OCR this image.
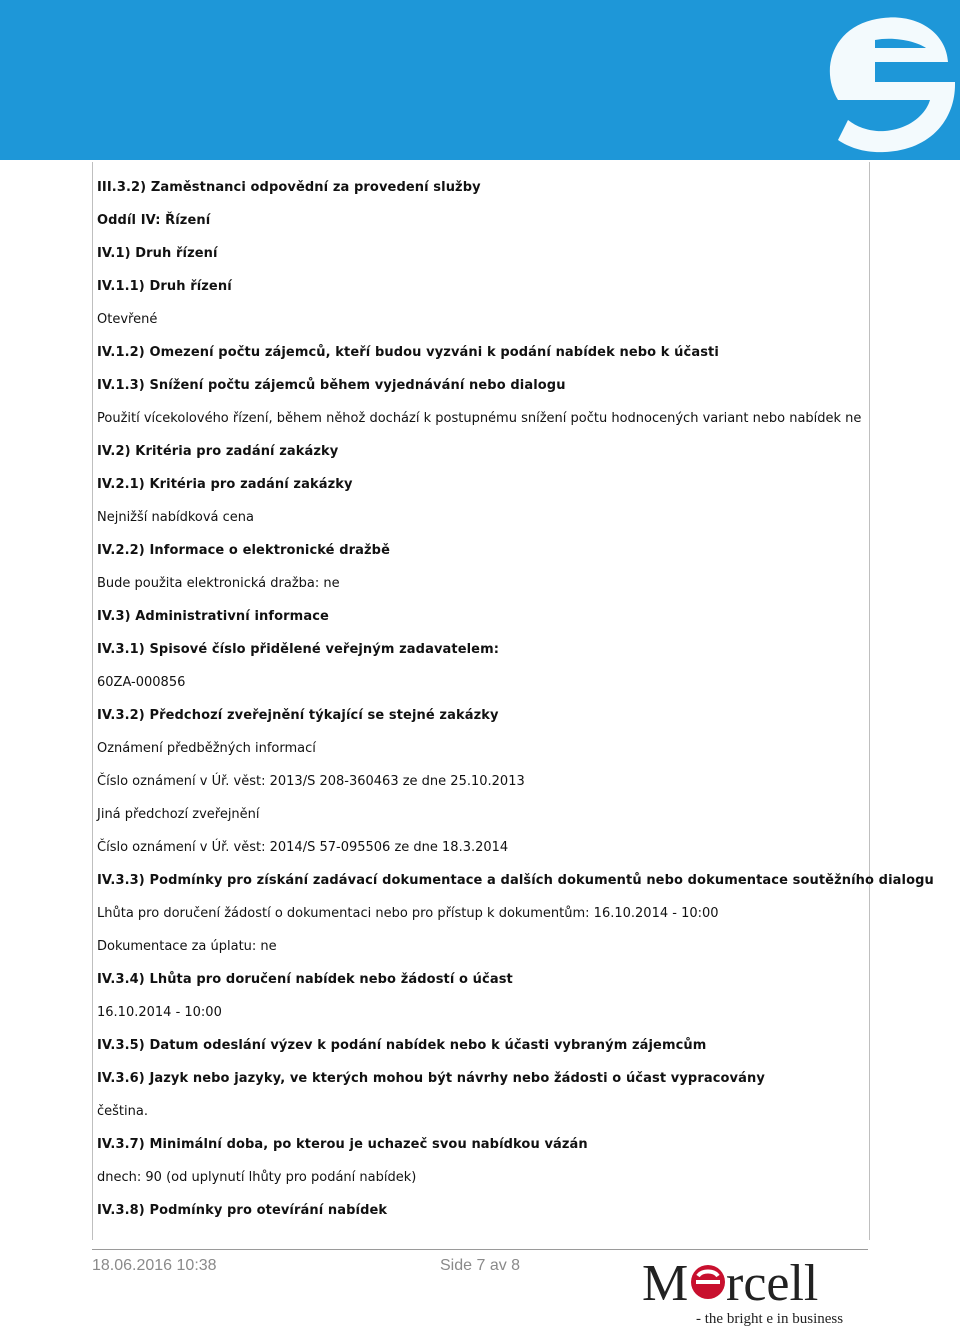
III.3.2) Zaměstnanci odpovědní za provedení služby
Oddíl IV: Řízení
IV.1) Druh řízení
IV.1.1) Druh řízení
Otevřené
IV.1.2) Omezení počtu zájemců, kteří budou vyzváni k podání nabídek nebo k účasti
IV.1.3) Snížení počtu zájemců během vyjednávání nebo dialogu
Použití vícekolového řízení, během něhož dochází k postupnému snížení počtu hodnocených variant nebo nabídek ne
IV.2) Kritéria pro zadání zakázky
IV.2.1) Kritéria pro zadání zakázky
Nejnižší nabídková cena
IV.2.2) Informace o elektronické dražbě
Bude použita elektronická dražba: ne
IV.3) Administrativní informace
IV.3.1) Spisové číslo přidělené veřejným zadavatelem:
60ZA-000856
IV.3.2) Předchozí zveřejnění týkající se stejné zakázky
Oznámení předběžných informací
Číslo oznámení v Úř. věst: 2013/S 208-360463 ze dne 25.10.2013
Jiná předchozí zveřejnění
Číslo oznámení v Úř. věst: 2014/S 57-095506 ze dne 18.3.2014
IV.3.3) Podmínky pro získání zadávací dokumentace a dalších dokumentů nebo dokumentace soutěžního dialogu
Lhůta pro doručení žádostí o dokumentaci nebo pro přístup k dokumentům: 16.10.2014 - 10:00
Dokumentace za úplatu: ne
IV.3.4) Lhůta pro doručení nabídek nebo žádostí o účast
16.10.2014 - 10:00
IV.3.5) Datum odeslání výzev k podání nabídek nebo k účasti vybraným zájemcům
IV.3.6) Jazyk nebo jazyky, ve kterých mohou být návrhy nebo žádosti o účast vypracovány
čeština.
IV.3.7) Minimální doba, po kterou je uchazeč svou nabídkou vázán
dnech: 90 (od uplynutí lhůty pro podání nabídek)
IV.3.8) Podmínky pro otevírání nabídek
18.06.2016 10:38	Side 7 av 8 M rcell
- the bright e in business
